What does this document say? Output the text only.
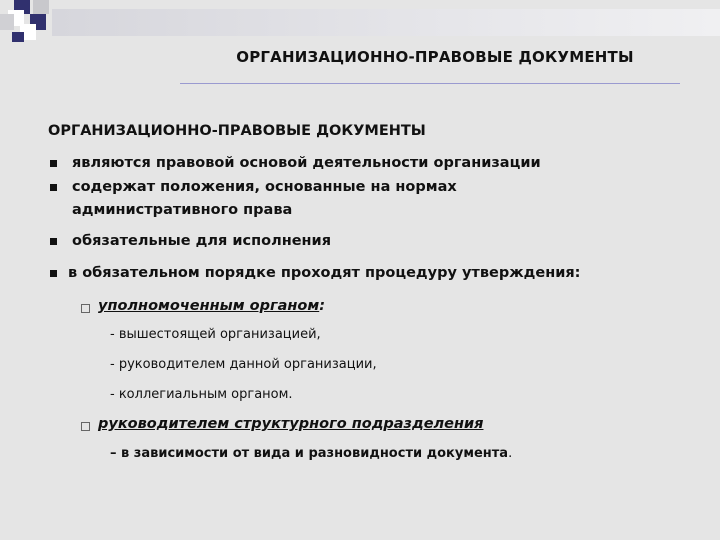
ОРГАНИЗАЦИОННО-ПРАВОВЫЕ ДОКУМЕНТЫ
ОРГАНИЗАЦИОННО-ПРАВОВЫЕ ДОКУМЕНТЫ
являются правовой основой деятельности организации
содержат положения, основанные на нормах
административного права
обязательные для исполнения
в обязательном порядке проходят процедуру утверждения:
уполномоченным органом:
- вышестоящей организацией,
- руководителем данной организации,
- коллегиальным органом.
руководителем структурного подразделения
– в зависимости от вида и разновидности документа.
